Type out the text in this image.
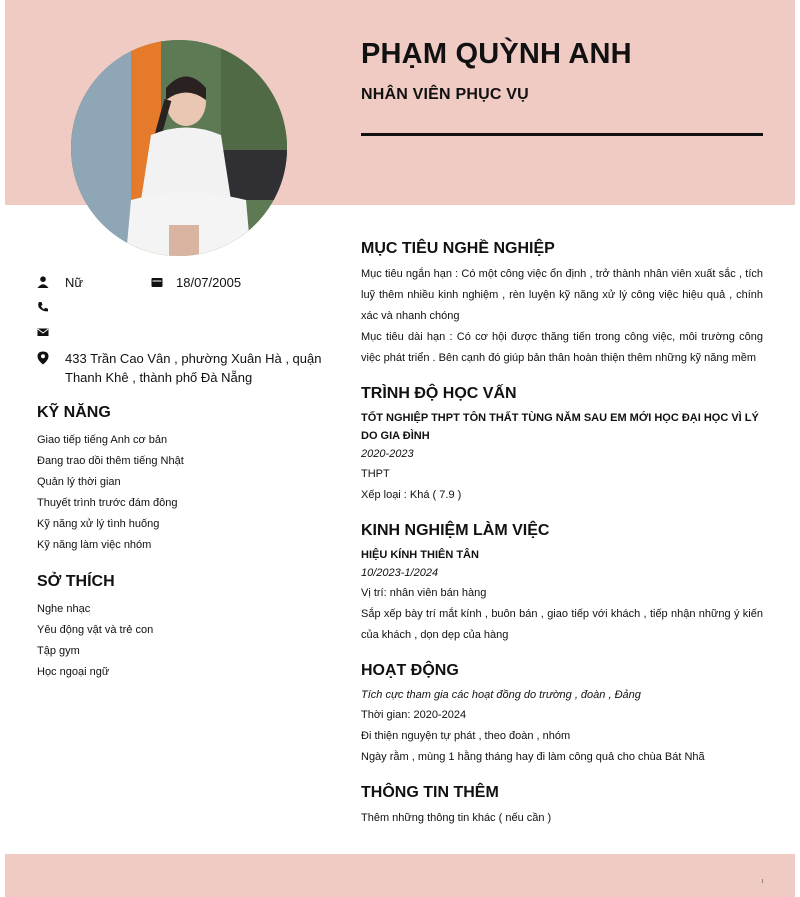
PHẠM QUỲNH ANH
NHÂN VIÊN PHỤC VỤ
Nữ	18/07/2005
433 Trần Cao Vân , phường Xuân Hà , quận Thanh Khê , thành phố Đà Nẵng
KỸ NĂNG
Giao tiếp tiếng Anh cơ bản
Đang trao dồi thêm tiếng Nhật
Quản lý thời gian
Thuyết trình trước đám đông
Kỹ năng xử lý tình huống
Kỹ năng làm việc nhóm
SỞ THÍCH
Nghe nhạc
Yêu động vật và trẻ con
Tập gym
Học ngoại ngữ
MỤC TIÊU NGHỀ NGHIỆP

Mục tiêu ngắn hạn : Có một công việc ổn định , trở thành nhân viên xuất sắc , tích luỹ thêm nhiều kinh nghiệm , rèn luyện kỹ năng xử lý công việc hiệu quả , chính xác và nhanh chóng

Mục tiêu dài hạn : Có cơ hội được thăng tiến trong công việc, môi trường công việc phát triển . Bên cạnh đó giúp bản thân hoàn thiện thêm những kỹ năng mềm

TRÌNH ĐỘ HỌC VẤN

TỐT NGHIỆP THPT TÔN THẤT TÙNG NĂM SAU EM MỚI HỌC ĐẠI HỌC VÌ LÝ DO GIA ĐÌNH

2020-2023

THPT

Xếp loại : Khá ( 7.9 )

KINH NGHIỆM LÀM VIỆC

HIỆU KÍNH THIÊN TÂN

10/2023-1/2024

Vị trí: nhân viên bán hàng

Sắp xếp bày trí mắt kính , buôn bán , giao tiếp với khách , tiếp nhận những ý kiến của khách , dọn dẹp của hàng

HOẠT ĐỘNG

Tích cực tham gia các hoạt đồng do trường , đoàn , Đảng

Thời gian: 2020-2024

Đi thiện nguyện tự phát , theo đoàn , nhóm

Ngày rằm , mùng 1 hằng tháng hay đi làm công quả cho chùa Bát Nhã

THÔNG TIN THÊM

Thêm những thông tin khác ( nếu cần )

ι
